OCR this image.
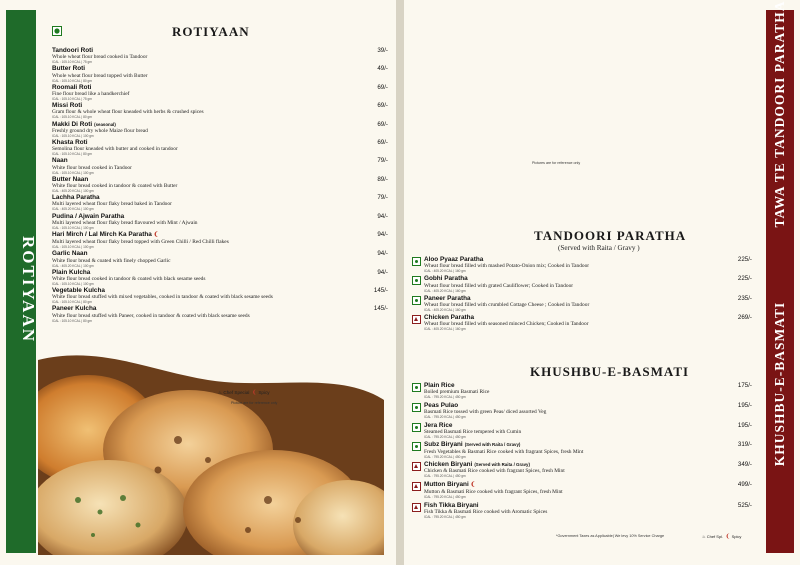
ROTIYAAN
ROTIYAAN
Tandoori Roti
Whole wheat flour bread cooked in Tandoor
ICAL : 105.10 KCAL | 75 gm
39/-
Butter Roti
Whole wheat flour bread topped with Butter
ICAL : 105.10 KCAL | 80 gm
49/-
Roomali Roti
Fine flour bread like a handkerchief
ICAL : 105.10 KCAL | 75 gm
69/-
Missi Roti
Gram flour & whole wheat flour kneaded with herbs & crushed spices
ICAL : 105.10 KCAL | 80 gm
69/-
Makki Di Roti (seasonal)
Freshly ground dry whole Maize flour bread
ICAL : 105.10 KCAL | 100 gm
69/-
Khasta Roti
Semolina flour kneaded with butter and cooked in tandoor
ICAL : 105.10 KCAL | 80 gm
69/-
Naan
White flour bread cooked in Tandoor
ICAL : 105.10 KCAL | 100 gm
79/-
Butter Naan
White flour bread cooked in tandoor & coated with Butter
ICAL : 405.20 KCAL | 100 gm
89/-
Lachha Paratha
Multi layered wheat flour flaky bread baked in Tandoor
ICAL : 405.20 KCAL | 100 gm
79/-
Pudina / Ajwain Paratha
Multi layered wheat flour flaky bread flavoured with Mint / Ajwain
ICAL : 105.10 KCAL | 100 gm
94/-
Hari Mirch / Lal Mirch Ka Paratha ❨
Multi layered wheat flour flaky bread topped with Green Chilli / Red Chilli flakes
ICAL : 105.10 KCAL | 100 gm
94/-
Garlic Naan
White flour bread & coated with finely chopped Garlic
ICAL : 405.20 KCAL | 100 gm
94/-
Plain Kulcha
White flour bread cooked in tandoor & coated with black sesame seeds
ICAL : 105.10 KCAL | 100 gm
94/-
Vegetable Kulcha
White flour bread stuffed with mixed vegetables, cooked in tandoor & coated with black sesame seeds
ICAL : 105.10 KCAL | 80 gm
145/-
Paneer Kulcha
White flour bread stuffed with Paneer, cooked in tandoor & coated with black sesame seeds
ICAL : 105.10 KCAL | 80 gm
145/-
♨ Chef Special ❨ Spicy
Picture are for reference only
Pictures are for reference only	TAWA TE TANDOORI PARATHA
KHUSHBU-E-BASMATI
TANDOORI PARATHA
(Served with Raita / Gravy )
Aloo Pyaaz Paratha
Wheat flour bread filled with mashed Potato-Onion mix; Cooked in Tandoor
ICAL : 405.20 KCAL | 160 gm
225/-
Gobhi Paratha
Wheat flour bread filled with grated Cauliflower; Cooked in Tandoor
ICAL : 405.20 KCAL | 160 gm
225/-
Paneer Paratha
Wheat flour bread filled with crumbled Cottage Cheese ; Cooked in Tandoor
ICAL : 405.20 KCAL | 160 gm
235/-
Chicken Paratha
Wheat flour bread filled with seasoned minced Chicken; Cooked in Tandoor
ICAL : 405.20 KCAL | 160 gm
269/-
KHUSHBU-E-BASMATI
Plain Rice
Boiled premium Basmati Rice
ICAL : 795.20 KCAL | 450 gm
175/-
Peas Pulao
Basmati Rice tossed with green Peas/ diced assorted Veg
ICAL : 795.20 KCAL | 450 gm
195/-
Jera Rice
Steamed Basmati Rice tempered with Cumin
ICAL : 795.20 KCAL | 450 gm
195/-
Subz Biryani (Served with Raita / Gravy)
Fresh Vegetables & Basmati Rice cooked with fragrant Spices, fresh Mint
ICAL : 795.20 KCAL | 450 gm
319/-
Chicken Biryani (Served with Raita / Gravy)
Chicken & Basmati Rice cooked with fragrant Spices, fresh Mint
ICAL : 795.20 KCAL | 450 gm
349/-
Mutton Biryani ❨
Mutton & Basmati Rice cooked with fragrant Spices, fresh Mint
ICAL : 795.20 KCAL | 450 gm
499/-
Fish Tikka Biryani
Fish Tikka & Basmati Rice cooked with Aromatic Spices
ICAL : 795.20 KCAL | 450 gm
525/-
*Government Taxes as Applicable| We levy 10% Service Charge	♨ Chef Spl. ❨ Spicy
